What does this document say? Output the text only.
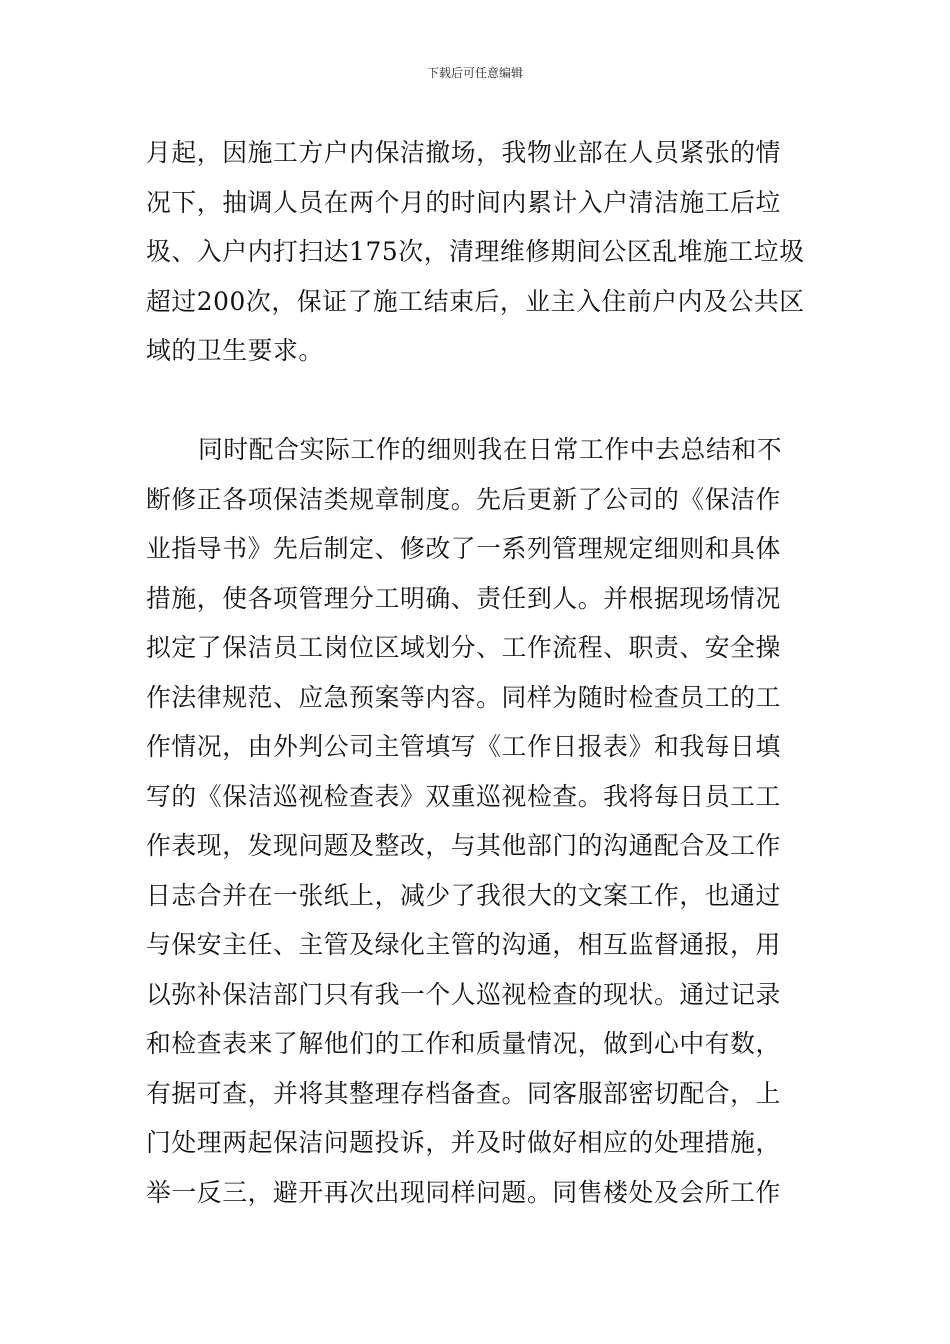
下载后可任意编辑
月起，因施工方户内保洁撤场，我物业部在人员紧张的情
况下，抽调人员在两个月的时间内累计入户清洁施工后垃
圾、入户内打扫达175次，清理维修期间公区乱堆施工垃圾
超过200次，保证了施工结束后，业主入住前户内及公共区
域的卫生要求。
同时配合实际工作的细则我在日常工作中去总结和不
断修正各项保洁类规章制度。先后更新了公司的《保洁作
业指导书》先后制定、修改了一系列管理规定细则和具体
措施，使各项管理分工明确、责任到人。并根据现场情况
拟定了保洁员工岗位区域划分、工作流程、职责、安全操
作法律规范、应急预案等内容。同样为随时检查员工的工
作情况，由外判公司主管填写《工作日报表》和我每日填
写的《保洁巡视检查表》双重巡视检查。我将每日员工工
作表现，发现问题及整改，与其他部门的沟通配合及工作
日志合并在一张纸上，减少了我很大的文案工作，也通过
与保安主任、主管及绿化主管的沟通，相互监督通报，用
以弥补保洁部门只有我一个人巡视检查的现状。通过记录
和检查表来了解他们的工作和质量情况，做到心中有数，
有据可查，并将其整理存档备查。同客服部密切配合，上
门处理两起保洁问题投诉，并及时做好相应的处理措施，
举一反三，避开再次出现同样问题。同售楼处及会所工作
